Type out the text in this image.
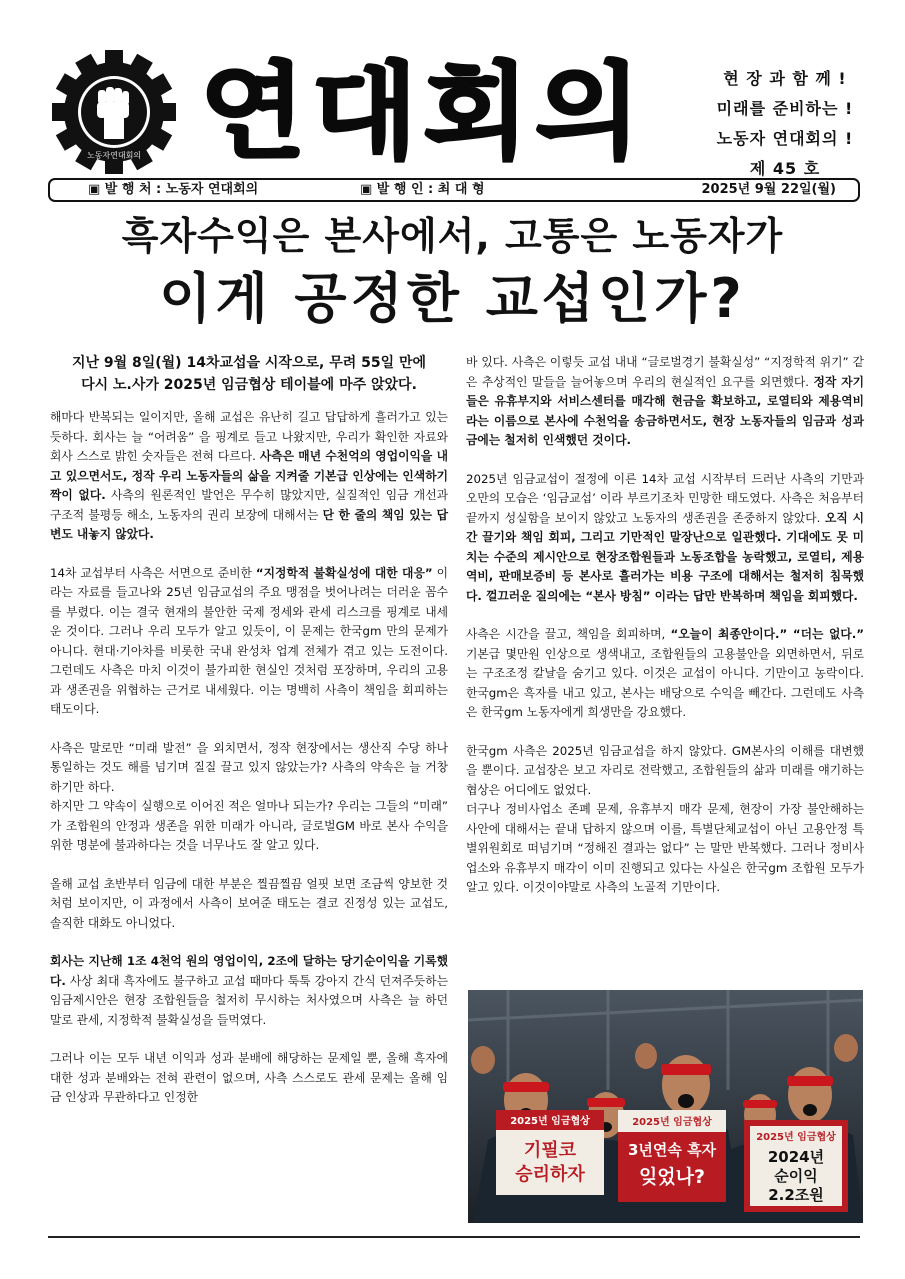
노동자연대회의 연대회의	현 장 과 함 께 !
미래를 준비하는 !
노동자 연대회의 !
제 45 호
▣ 발 행 처 : 노동자 연대회의	▣ 발 행 인 : 최 대 형	2025년 9월 22일(월)
흑자수익은 본사에서, 고통은 노동자가
이게 공정한 교섭인가?
지난 9월 8일(월) 14차교섭을 시작으로, 무려 55일 만에 다시 노.사가 2025년 임금협상 테이블에 마주 앉았다.

해마다 반복되는 일이지만, 올해 교섭은 유난히 길고 답답하게 흘러가고 있는 듯하다. 회사는 늘 “어려움” 을 핑계로 들고 나왔지만, 우리가 확인한 자료와 회사 스스로 밝힌 숫자들은 전혀 다르다. 사측은 매년 수천억의 영업이익을 내고 있으면서도, 정작 우리 노동자들의 삶을 지켜줄 기본급 인상에는 인색하기 짝이 없다. 사측의 원론적인 발언은 무수히 많았지만, 실질적인 임금 개선과 구조적 불평등 해소, 노동자의 권리 보장에 대해서는 단 한 줄의 책임 있는 답변도 내놓지 않았다.

14차 교섭부터 사측은 서면으로 준비한 “지정학적 불확실성에 대한 대응” 이라는 자료를 들고나와 25년 임금교섭의 주요 맹점을 벗어나려는 더러운 꼼수를 부렸다. 이는 결국 현재의 불안한 국제 정세와 관세 리스크를 핑계로 내세운 것이다. 그러나 우리 모두가 알고 있듯이, 이 문제는 한국gm 만의 문제가 아니다. 현대·기아차를 비롯한 국내 완성차 업계 전체가 겪고 있는 도전이다. 그런데도 사측은 마치 이것이 불가피한 현실인 것처럼 포장하며, 우리의 고용과 생존권을 위협하는 근거로 내세웠다. 이는 명백히 사측이 책임을 회피하는 태도이다.

사측은 말로만 “미래 발전” 을 외치면서, 정작 현장에서는 생산직 수당 하나 통일하는 것도 해를 넘기며 질질 끌고 있지 않았는가? 사측의 약속은 늘 거창하기만 하다.

하지만 그 약속이 실행으로 이어진 적은 얼마나 되는가? 우리는 그들의 “미래” 가 조합원의 안정과 생존을 위한 미래가 아니라, 글로벌GM 바로 본사 수익을 위한 명분에 불과하다는 것을 너무나도 잘 알고 있다.

올해 교섭 초반부터 임금에 대한 부분은 찔끔찔끔 얼핏 보면 조금씩 양보한 것처럼 보이지만, 이 과정에서 사측이 보여준 태도는 결코 진정성 있는 교섭도, 솔직한 대화도 아니었다.

회사는 지난해 1조 4천억 원의 영업이익, 2조에 달하는 당기순이익을 기록했다. 사상 최대 흑자에도 불구하고 교섭 때마다 툭툭 강아지 간식 던져주듯하는 임금제시안은 현장 조합원들을 철저히 무시하는 처사였으며 사측은 늘 하던 말로 관세, 지정학적 불확실성을 들먹였다.

그러나 이는 모두 내년 이익과 성과 분배에 해당하는 문제일 뿐, 올해 흑자에 대한 성과 분배와는 전혀 관련이 없으며, 사측 스스로도 관세 문제는 올해 임금 인상과 무관하다고 인정한

바 있다. 사측은 이렇듯 교섭 내내 “글로벌경기 불확실성” “지정학적 위기” 같은 추상적인 말들을 늘어놓으며 우리의 현실적인 요구를 외면했다. 정작 자기들은 유휴부지와 서비스센터를 매각해 현금을 확보하고, 로열티와 제용역비 라는 이름으로 본사에 수천억을 송금하면서도, 현장 노동자들의 임금과 성과금에는 철저히 인색했던 것이다.

2025년 임금교섭이 절정에 이른 14차 교섭 시작부터 드러난 사측의 기만과 오만의 모습은 ‘임금교섭’ 이라 부르기조차 민망한 태도였다. 사측은 처음부터 끝까지 성실함을 보이지 않았고 노동자의 생존권을 존중하지 않았다. 오직 시간 끌기와 책임 회피, 그리고 기만적인 말장난으로 일관했다. 기대에도 못 미치는 수준의 제시안으로 현장조합원들과 노동조합을 농락했고, 로열티, 제용역비, 판매보증비 등 본사로 흘러가는 비용 구조에 대해서는 철저히 침묵했다. 껄끄러운 질의에는 “본사 방침” 이라는 답만 반복하며 책임을 회피했다.

사측은 시간을 끌고, 책임을 회피하며, “오늘이 최종안이다.” “더는 없다.” 기본급 몇만원 인상으로 생색내고, 조합원들의 고용불안을 외면하면서, 뒤로는 구조조정 칼날을 숨기고 있다. 이것은 교섭이 아니다. 기만이고 농락이다. 한국gm은 흑자를 내고 있고, 본사는 배당으로 수익을 빼간다. 그런데도 사측은 한국gm 노동자에게 희생만을 강요했다.

한국gm 사측은 2025년 임금교섭을 하지 않았다. GM본사의 이해를 대변했을 뿐이다. 교섭장은 보고 자리로 전락했고, 조합원들의 삶과 미래를 얘기하는 협상은 어디에도 없었다.

더구나 정비사업소 존폐 문제, 유휴부지 매각 문제, 현장이 가장 불안해하는 사안에 대해서는 끝내 답하지 않으며 이를, 특별단체교섭이 아닌 고용안정 특별위원회로 떠넘기며 “정해진 결과는 없다” 는 말만 반복했다. 그러나 정비사업소와 유휴부지 매각이 이미 진행되고 있다는 사실은 한국gm 조합원 모두가 알고 있다. 이것이야말로 사측의 노골적 기만이다.

2025년 임금협상
기필코
승리하자
2025년 임금협상
3년연속 흑자
잊었나?
2025년 임금협상
2024년
순이익
2.2조원
